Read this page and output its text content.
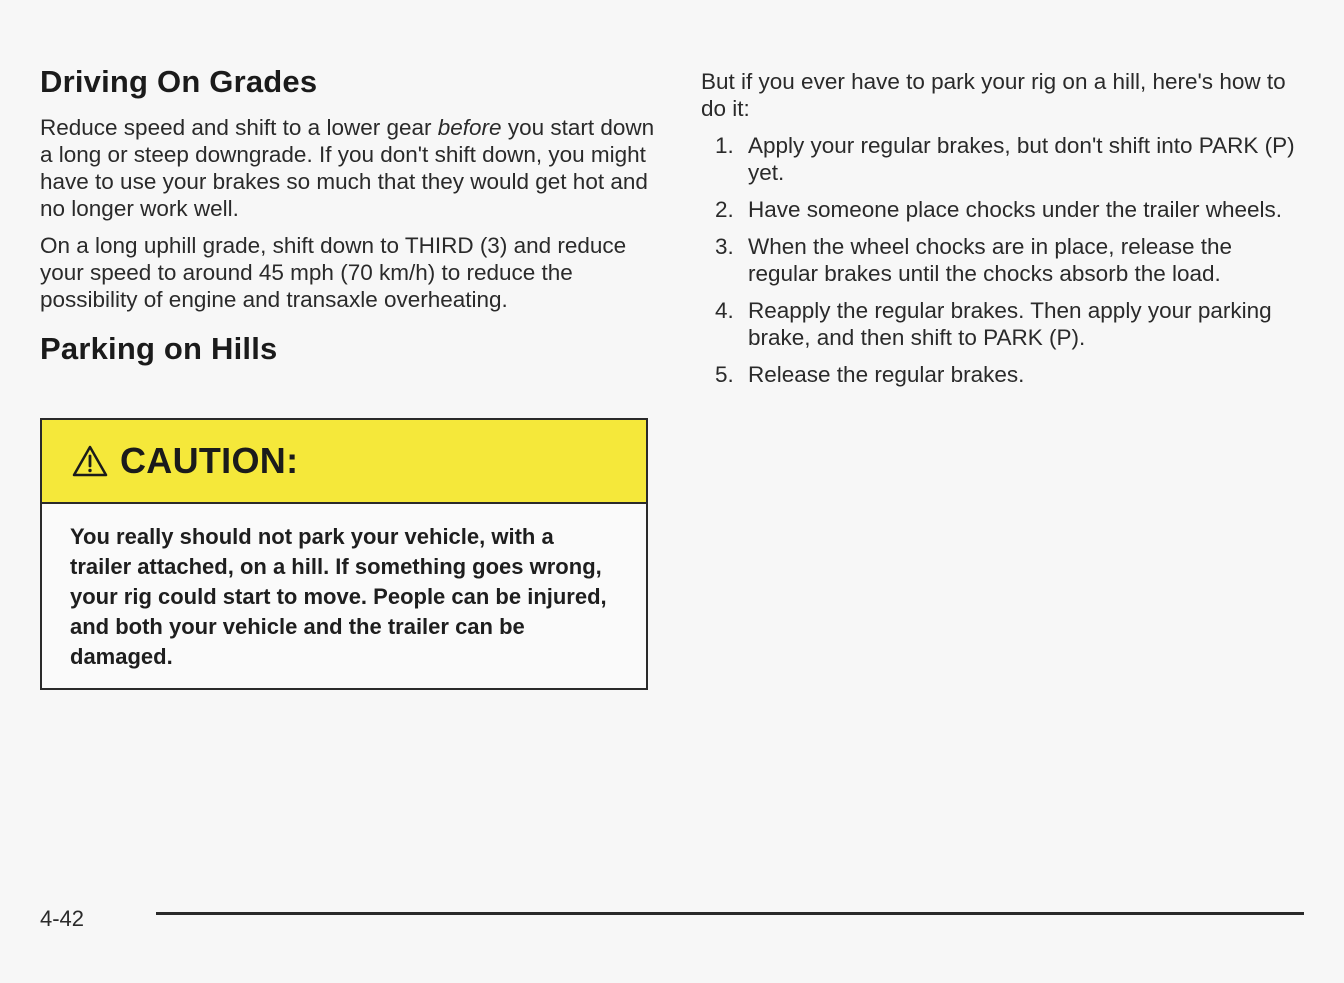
Driving On Grades

Reduce speed and shift to a lower gear before you start down a long or steep downgrade. If you don't shift down, you might have to use your brakes so much that they would get hot and no longer work well.

On a long uphill grade, shift down to THIRD (3) and reduce your speed to around 45 mph (70 km/h) to reduce the possibility of engine and transaxle overheating.

Parking on Hills
CAUTION:
You really should not park your vehicle, with a trailer attached, on a hill. If something goes wrong, your rig could start to move. People can be injured, and both your vehicle and the trailer can be damaged.

But if you ever have to park your rig on a hill, here's how to do it:

1. Apply your regular brakes, but don't shift into PARK (P) yet.
2. Have someone place chocks under the trailer wheels.
3. When the wheel chocks are in place, release the regular brakes until the chocks absorb the load.
4. Reapply the regular brakes. Then apply your parking brake, and then shift to PARK (P).
5. Release the regular brakes.
4-42
